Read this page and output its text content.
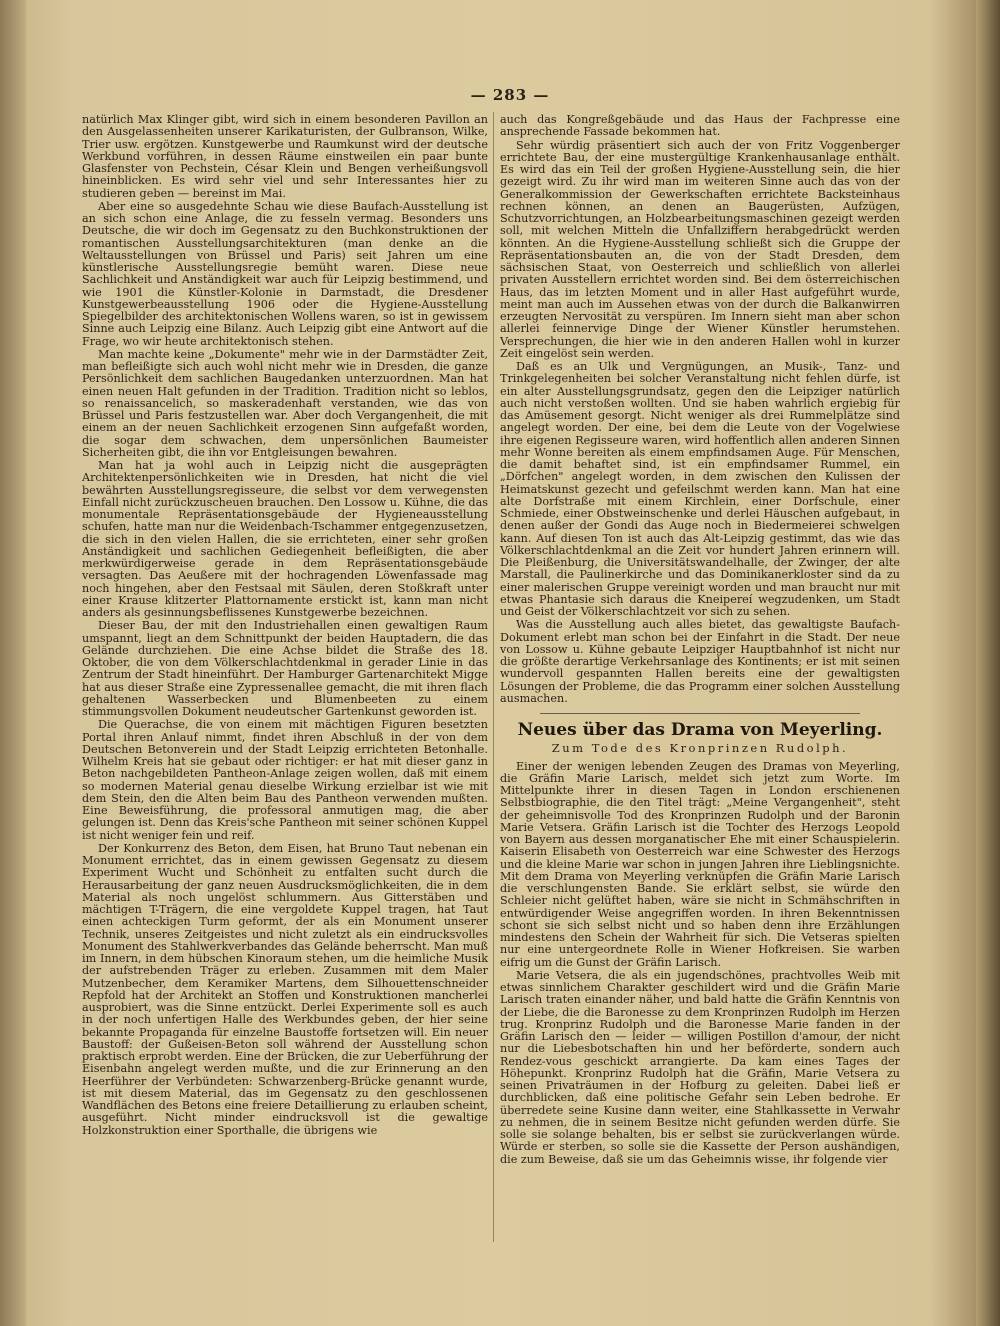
— 283 —

natürlich Max Klinger gibt, wird sich in einem besonderen Pavillon an den Ausgelassenheiten unserer Karikaturisten, der Gulbranson, Wilke, Trier usw. ergötzen. Kunstgewerbe und Raumkunst wird der deutsche Werkbund vorführen, in dessen Räume einstweilen ein paar bunte Glasfenster von Pechstein, César Klein und Bengen verheißungsvoll hineinblicken. Es wird sehr viel und sehr Interessantes hier zu studieren geben — bereinst im Mai.

Aber eine so ausgedehnte Schau wie diese Baufach-Ausstellung ist an sich schon eine Anlage, die zu fesseln vermag. Besonders uns Deutsche, die wir doch im Gegensatz zu den Buchkonstruktionen der romantischen Ausstellungsarchitekturen (man denke an die Weltausstellungen von Brüssel und Paris) seit Jahren um eine künstlerische Ausstellungsregie bemüht waren. Diese neue Sachlichkeit und Anständigkeit war auch für Leipzig bestimmend, und wie 1901 die Künstler-Kolonie in Darmstadt, die Dresdener Kunstgewerbeausstellung 1906 oder die Hygiene-Ausstellung Spiegelbilder des architektonischen Wollens waren, so ist in gewissem Sinne auch Leipzig eine Bilanz. Auch Leipzig gibt eine Antwort auf die Frage, wo wir heute architektonisch stehen.

Man machte keine „Dokumente" mehr wie in der Darmstädter Zeit, man befleißigte sich auch wohl nicht mehr wie in Dresden, die ganze Persönlichkeit dem sachlichen Baugedanken unterzuordnen. Man hat einen neuen Halt gefunden in der Tradition. Tradition nicht so leblos, so renaissancelich, so maskeradenhaft verstanden, wie das von Brüssel und Paris festzustellen war. Aber doch Vergangenheit, die mit einem an der neuen Sachlichkeit erzogenen Sinn aufgefaßt worden, die sogar dem schwachen, dem unpersönlichen Baumeister Sicherheiten gibt, die ihn vor Entgleisungen bewahren.

Man hat ja wohl auch in Leipzig nicht die ausgeprägten Architektenpersönlichkeiten wie in Dresden, hat nicht die viel bewährten Ausstellungsregisseure, die selbst vor dem verwegensten Einfall nicht zurückzuscheuen brauchen. Den Lossow u. Kühne, die das monumentale Repräsentationsgebäude der Hygieneausstellung schufen, hatte man nur die Weidenbach-Tschammer entgegenzusetzen, die sich in den vielen Hallen, die sie errichteten, einer sehr großen Anständigkeit und sachlichen Gediegenheit befleißigten, die aber merkwürdigerweise gerade in dem Repräsentationsgebäude versagten. Das Aeußere mit der hochragenden Löwenfassade mag noch hingehen, aber den Festsaal mit Säulen, deren Stoßkraft unter einer Krause klitzerter Plattornamente erstickt ist, kann man nicht anders als gesinnungsbeflissenes Kunstgewerbe bezeichnen.

Dieser Bau, der mit den Industriehallen einen gewaltigen Raum umspannt, liegt an dem Schnittpunkt der beiden Hauptadern, die das Gelände durchziehen. Die eine Achse bildet die Straße des 18. Oktober, die von dem Völkerschlachtdenkmal in gerader Linie in das Zentrum der Stadt hineinführt. Der Hamburger Gartenarchitekt Migge hat aus dieser Straße eine Zypressenallee gemacht, die mit ihren flach gehaltenen Wasserbecken und Blumenbeeten zu einem stimmungsvollen Dokument neudeutscher Gartenkunst geworden ist.

Die Querachse, die von einem mit mächtigen Figuren besetzten Portal ihren Anlauf nimmt, findet ihren Abschluß in der von dem Deutschen Betonverein und der Stadt Leipzig errichteten Betonhalle. Wilhelm Kreis hat sie gebaut oder richtiger: er hat mit dieser ganz in Beton nachgebildeten Pantheon-Anlage zeigen wollen, daß mit einem so modernen Material genau dieselbe Wirkung erzielbar ist wie mit dem Stein, den die Alten beim Bau des Pantheon verwenden mußten. Eine Beweisführung, die professoral anmutigen mag, die aber gelungen ist. Denn das Kreis'sche Pantheon mit seiner schönen Kuppel ist nicht weniger fein und reif.

Der Konkurrenz des Beton, dem Eisen, hat Bruno Taut nebenan ein Monument errichtet, das in einem gewissen Gegensatz zu diesem Experiment Wucht und Schönheit zu entfalten sucht durch die Herausarbeitung der ganz neuen Ausdrucksmöglichkeiten, die in dem Material als noch ungelöst schlummern. Aus Gitterstäben und mächtigen T-Trägern, die eine vergoldete Kuppel tragen, hat Taut einen achteckigen Turm geformt, der als ein Monument unserer Technik, unseres Zeitgeistes und nicht zuletzt als ein eindrucksvolles Monument des Stahlwerkverbandes das Gelände beherrscht. Man muß im Innern, in dem hübschen Kinoraum stehen, um die heimliche Musik der aufstrebenden Träger zu erleben. Zusammen mit dem Maler Mutzenbecher, dem Keramiker Martens, dem Silhouettenschneider Repfold hat der Architekt an Stoffen und Konstruktionen mancherlei ausprobiert, was die Sinne entzückt. Derlei Experimente soll es auch in der noch unfertigen Halle des Werkbundes geben, der hier seine bekannte Propaganda für einzelne Baustoffe fortsetzen will. Ein neuer Baustoff: der Gußeisen-Beton soll während der Ausstellung schon praktisch erprobt werden. Eine der Brücken, die zur Ueberführung der Eisenbahn angelegt werden mußte, und die zur Erinnerung an den Heerführer der Verbündeten: Schwarzenberg-Brücke genannt wurde, ist mit diesem Material, das im Gegensatz zu den geschlossenen Wandflächen des Betons eine freiere Detaillierung zu erlauben scheint, ausgeführt. Nicht minder eindrucksvoll ist die gewaltige Holzkonstruktion einer Sporthalle, die übrigens wie

auch das Kongreßgebäude und das Haus der Fachpresse eine ansprechende Fassade bekommen hat.

Sehr würdig präsentiert sich auch der von Fritz Voggenberger errichtete Bau, der eine mustergültige Krankenhausanlage enthält. Es wird das ein Teil der großen Hygiene-Ausstellung sein, die hier gezeigt wird. Zu ihr wird man im weiteren Sinne auch das von der Generalkommission der Gewerkschaften errichtete Backsteinhaus rechnen können, an denen an Baugerüsten, Aufzügen, Schutzvorrichtungen, an Holzbearbeitungsmaschinen gezeigt werden soll, mit welchen Mitteln die Unfallziffern herabgedrückt werden könnten. An die Hygiene-Ausstellung schließt sich die Gruppe der Repräsentationsbauten an, die von der Stadt Dresden, dem sächsischen Staat, von Oesterreich und schließlich von allerlei privaten Ausstellern errichtet worden sind. Bei dem österreichischen Haus, das im letzten Moment und in aller Hast aufgeführt wurde, meint man auch im Aussehen etwas von der durch die Balkanwirren erzeugten Nervosität zu verspüren. Im Innern sieht man aber schon allerlei feinnervige Dinge der Wiener Künstler herumstehen. Versprechungen, die hier wie in den anderen Hallen wohl in kurzer Zeit eingelöst sein werden.

Daß es an Ulk und Vergnügungen, an Musik-, Tanz- und Trinkgelegenheiten bei solcher Veranstaltung nicht fehlen dürfe, ist ein alter Ausstellungsgrundsatz, gegen den die Leipziger natürlich auch nicht verstoßen wollten. Und sie haben wahrlich ergiebig für das Amüsement gesorgt. Nicht weniger als drei Rummelplätze sind angelegt worden. Der eine, bei dem die Leute von der Vogelwiese ihre eigenen Regisseure waren, wird hoffentlich allen anderen Sinnen mehr Wonne bereiten als einem empfindsamen Auge. Für Menschen, die damit behaftet sind, ist ein empfindsamer Rummel, ein „Dörfchen" angelegt worden, in dem zwischen den Kulissen der Heimatskunst gezecht und gefeilschmt werden kann. Man hat eine alte Dorfstraße mit einem Kirchlein, einer Dorfschule, einer Schmiede, einer Obstweinschenke und derlei Häuschen aufgebaut, in denen außer der Gondi das Auge noch in Biedermeierei schwelgen kann. Auf diesen Ton ist auch das Alt-Leipzig gestimmt, das wie das Völkerschlachtdenkmal an die Zeit vor hundert Jahren erinnern will. Die Pleißenburg, die Universitätswandelhalle, der Zwinger, der alte Marstall, die Paulinerkirche und das Dominikanerkloster sind da zu einer malerischen Gruppe vereinigt worden und man braucht nur mit etwas Phantasie sich daraus die Kneipereí wegzudenken, um Stadt und Geist der Völkerschlachtzeit vor sich zu sehen.

Was die Ausstellung auch alles bietet, das gewaltigste Baufach-Dokument erlebt man schon bei der Einfahrt in die Stadt. Der neue von Lossow u. Kühne gebaute Leipziger Hauptbahnhof ist nicht nur die größte derartige Verkehrsanlage des Kontinents; er ist mit seinen wundervoll gespannten Hallen bereits eine der gewaltigsten Lösungen der Probleme, die das Programm einer solchen Ausstellung ausmachen.

Neues über das Drama von Meyerling.
Zum Tode des Kronprinzen Rudolph.

Einer der wenigen lebenden Zeugen des Dramas von Meyerling, die Gräfin Marie Larisch, meldet sich jetzt zum Worte. Im Mittelpunkte ihrer in diesen Tagen in London erschienenen Selbstbiographie, die den Titel trägt: „Meine Vergangenheit", steht der geheimnisvolle Tod des Kronprinzen Rudolph und der Baronin Marie Vetsera. Gräfin Larisch ist die Tochter des Herzogs Leopold von Bayern aus dessen morganatischer Ehe mit einer Schauspielerin. Kaiserin Elisabeth von Oesterreich war eine Schwester des Herzogs und die kleine Marie war schon in jungen Jahren ihre Lieblingsnichte. Mit dem Drama von Meyerling verknüpfen die Gräfin Marie Larisch die verschlungensten Bande. Sie erklärt selbst, sie würde den Schleier nicht gelüftet haben, wäre sie nicht in Schmähschriften in entwürdigender Weise angegriffen worden. In ihren Bekenntnissen schont sie sich selbst nicht und so haben denn ihre Erzählungen mindestens den Schein der Wahrheit für sich. Die Vetseras spielten nur eine untergeordnete Rolle in Wiener Hofkreisen. Sie warben eifrig um die Gunst der Gräfin Larisch.

Marie Vetsera, die als ein jugendschönes, prachtvolles Weib mit etwas sinnlichem Charakter geschildert wird und die Gräfin Marie Larisch traten einander näher, und bald hatte die Gräfin Kenntnis von der Liebe, die die Baronesse zu dem Kronprinzen Rudolph im Herzen trug. Kronprinz Rudolph und die Baronesse Marie fanden in der Gräfin Larisch den — leider — willigen Postillon d'amour, der nicht nur die Liebesbotschaften hin und her beförderte, sondern auch Rendez-vous geschickt arrangierte. Da kam eines Tages der Höhepunkt. Kronprinz Rudolph hat die Gräfin, Marie Vetsera zu seinen Privaträumen in der Hofburg zu geleiten. Dabei ließ er durchblicken, daß eine politische Gefahr sein Leben bedrohe. Er überredete seine Kusine dann weiter, eine Stahlkassette in Verwahr zu nehmen, die in seinem Besitze nicht gefunden werden dürfe. Sie solle sie solange behalten, bis er selbst sie zurückverlangen würde. Würde er sterben, so solle sie die Kassette der Person aushändigen, die zum Beweise, daß sie um das Geheimnis wisse, ihr folgende vier
